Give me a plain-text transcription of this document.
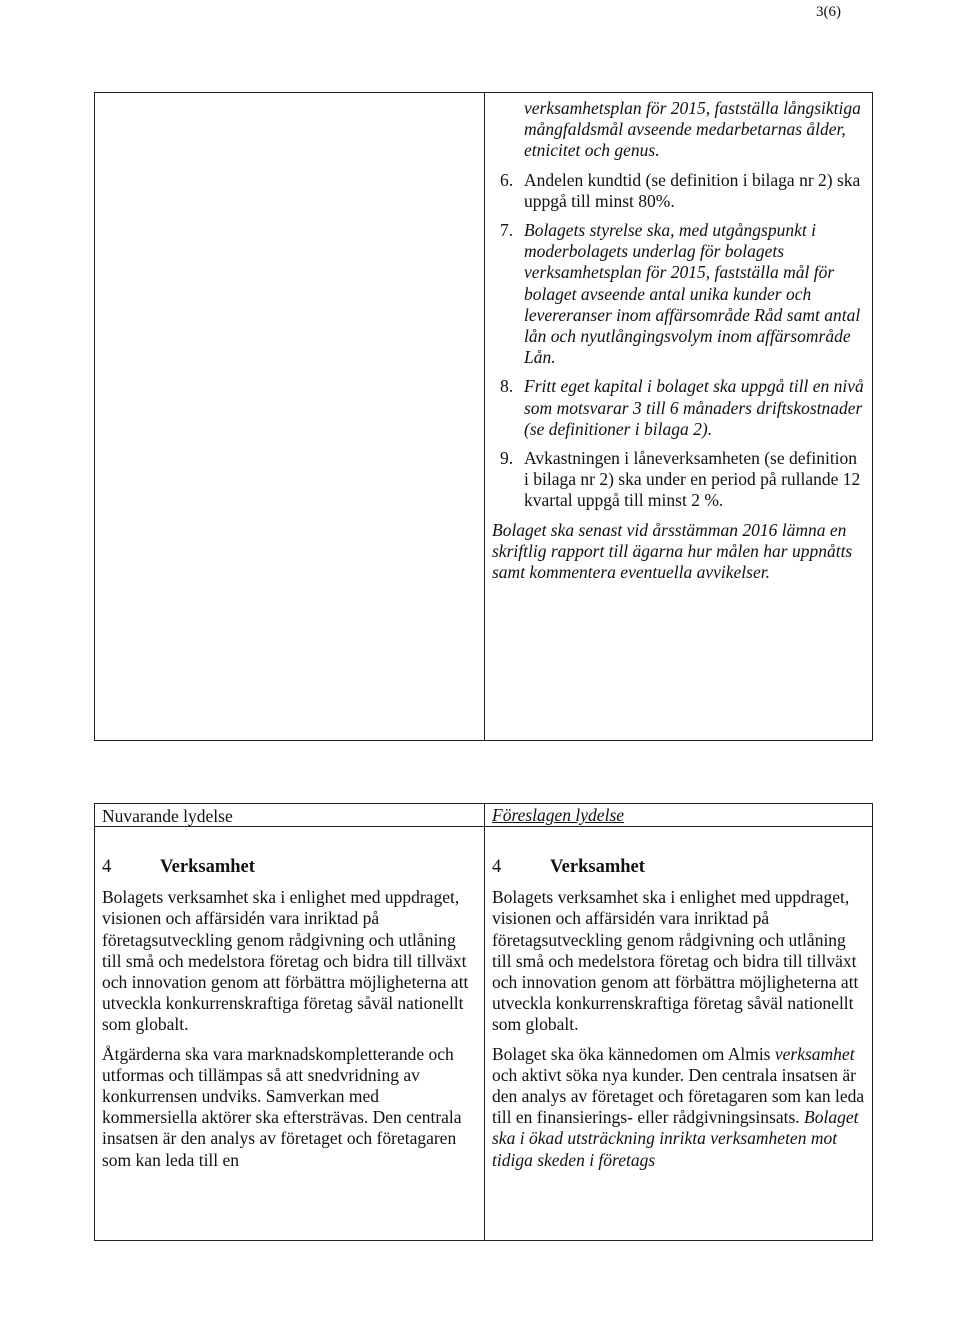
3(6)
verksamhetsplan för 2015, fastställa långsiktiga mångfaldsmål avseende medarbetarnas ålder, etnicitet och genus.
6. Andelen kundtid (se definition i bilaga nr 2) ska uppgå till minst 80%.
7. Bolagets styrelse ska, med utgångspunkt i moderbolagets underlag för bolagets verksamhetsplan för 2015, fastställa mål för bolaget avseende antal unika kunder och levereranser inom affärsområde Råd samt antal lån och nyutlångingsvolym inom affärsområde Lån.
8. Fritt eget kapital i bolaget ska uppgå till en nivå som motsvarar 3 till 6 månaders driftskostnader (se definitioner i bilaga 2).
9. Avkastningen i låneverksamheten (se definition i bilaga nr 2) ska under en period på rullande 12 kvartal uppgå till minst 2 %.

Bolaget ska senast vid årsstämman 2016 lämna en skriftlig rapport till ägarna hur målen har uppnåtts samt kommentera eventuella avvikelser.

Nuvarande lydelse	Föreslagen lydelse
4	Verksamhet

Bolagets verksamhet ska i enlighet med uppdraget, visionen och affärsidén vara inriktad på företagsutveckling genom rådgivning och utlåning till små och medelstora företag och bidra till tillväxt och innovation genom att förbättra möjligheterna att utveckla konkurrenskraftiga företag såväl nationellt som globalt.

Åtgärderna ska vara marknadskompletterande och utformas och tillämpas så att snedvridning av konkurrensen undviks. Samverkan med kommersiella aktörer ska eftersträvas. Den centrala insatsen är den analys av företaget och företagaren som kan leda till en

4	Verksamhet

Bolagets verksamhet ska i enlighet med uppdraget, visionen och affärsidén vara inriktad på företagsutveckling genom rådgivning och utlåning till små och medelstora företag och bidra till tillväxt och innovation genom att förbättra möjligheterna att utveckla konkurrenskraftiga företag såväl nationellt som globalt.

Bolaget ska öka kännedomen om Almis verksamhet och aktivt söka nya kunder. Den centrala insatsen är den analys av företaget och företagaren som kan leda till en finansierings- eller rådgivningsinsats. Bolaget ska i ökad utsträckning inrikta verksamheten mot tidiga skeden i företags
